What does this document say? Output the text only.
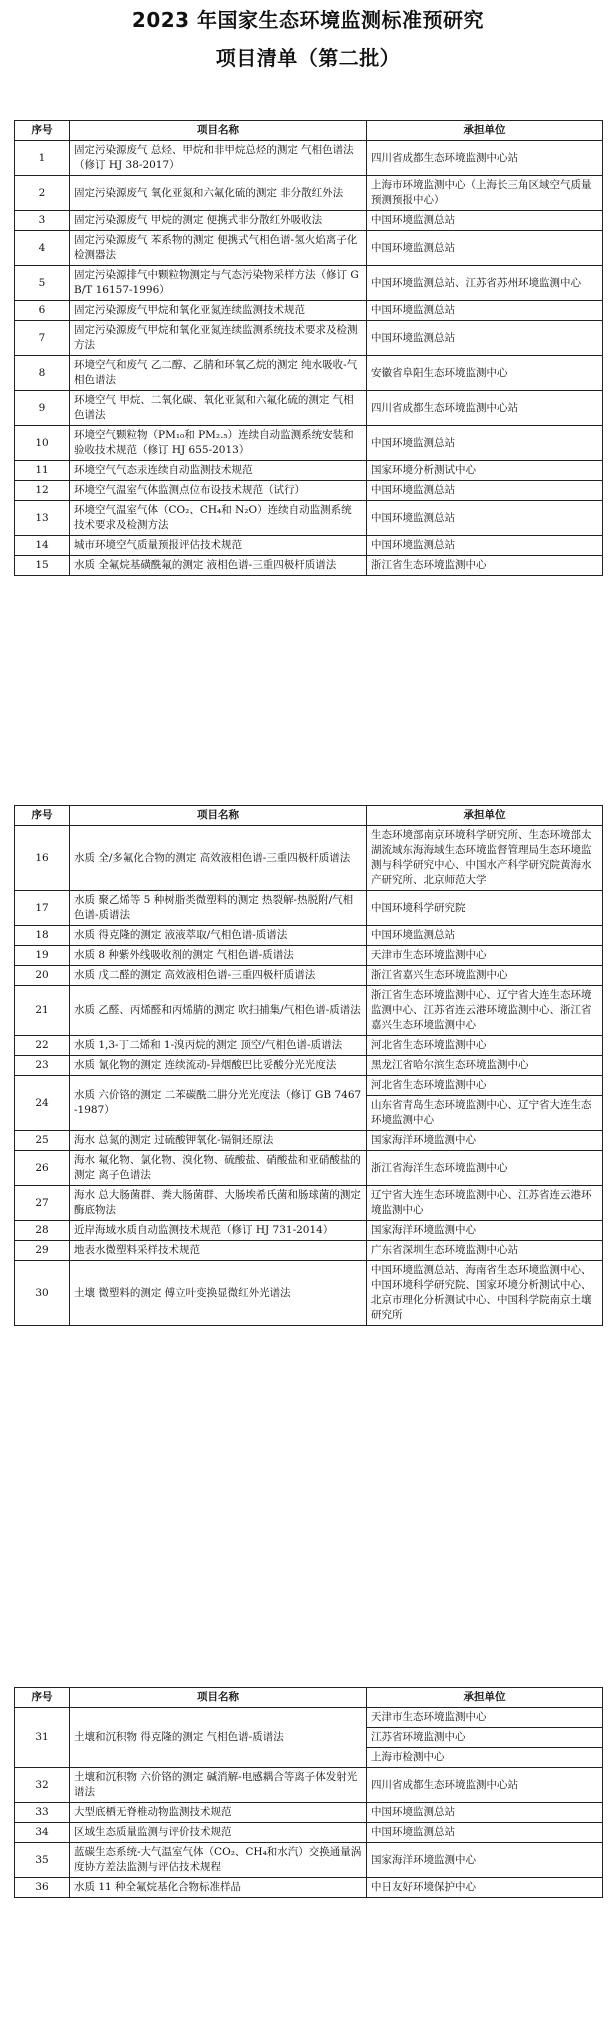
2023 年国家生态环境监测标准预研究
项目清单（第二批）
序号	项目名称	承担单位
1	固定污染源废气 总烃、甲烷和非甲烷总烃的测定 气相色谱法（修订 HJ 38-2017）	四川省成都生态环境监测中心站
2	固定污染源废气 氧化亚氮和六氟化硫的测定 非分散红外法	上海市环境监测中心（上海长三角区域空气质量预测预报中心）
3	固定污染源废气 甲烷的测定 便携式非分散红外吸收法	中国环境监测总站
4	固定污染源废气 苯系物的测定 便携式气相色谱-氢火焰离子化检测器法	中国环境监测总站
5	固定污染源排气中颗粒物测定与气态污染物采样方法（修订 GB/T 16157-1996）	中国环境监测总站、江苏省苏州环境监测中心
6	固定污染源废气甲烷和氧化亚氮连续监测技术规范	中国环境监测总站
7	固定污染源废气甲烷和氧化亚氮连续监测系统技术要求及检测方法	中国环境监测总站
8	环境空气和废气 乙二醇、乙腈和环氧乙烷的测定 纯水吸收-气相色谱法	安徽省阜阳生态环境监测中心
9	环境空气 甲烷、二氧化碳、氧化亚氮和六氟化硫的测定 气相色谱法	四川省成都生态环境监测中心站
10	环境空气颗粒物（PM₁₀和 PM₂.₅）连续自动监测系统安装和验收技术规范（修订 HJ 655-2013）	中国环境监测总站
11	环境空气气态汞连续自动监测技术规范	国家环境分析测试中心
12	环境空气温室气体监测点位布设技术规范（试行）	中国环境监测总站
13	环境空气温室气体（CO₂、CH₄和 N₂O）连续自动监测系统技术要求及检测方法	中国环境监测总站
14	城市环境空气质量预报评估技术规范	中国环境监测总站
15	水质 全氟烷基磺酰氟的测定 液相色谱-三重四极杆质谱法	浙江省生态环境监测中心
序号	项目名称	承担单位
16	水质 全/多氟化合物的测定 高效液相色谱-三重四极杆质谱法	生态环境部南京环境科学研究所、生态环境部太湖流域东海海域生态环境监督管理局生态环境监测与科学研究中心、中国水产科学研究院黄海水产研究所、北京师范大学
17	水质 聚乙烯等 5 种树脂类微塑料的测定 热裂解-热脱附/气相色谱-质谱法	中国环境科学研究院
18	水质 得克隆的测定 液液萃取/气相色谱-质谱法	中国环境监测总站
19	水质 8 种紫外线吸收剂的测定 气相色谱-质谱法	天津市生态环境监测中心
20	水质 戊二醛的测定 高效液相色谱-三重四极杆质谱法	浙江省嘉兴生态环境监测中心
21	水质 乙醛、丙烯醛和丙烯腈的测定 吹扫捕集/气相色谱-质谱法	浙江省生态环境监测中心、辽宁省大连生态环境监测中心、江苏省连云港环境监测中心、浙江省嘉兴生态环境监测中心
22	水质 1,3-丁二烯和 1-溴丙烷的测定 顶空/气相色谱-质谱法	河北省生态环境监测中心
23	水质 氰化物的测定 连续流动-异烟酸巴比妥酸分光光度法	黑龙江省哈尔滨生态环境监测中心
24	水质 六价铬的测定 二苯碳酰二肼分光光度法（修订 GB 7467-1987）	河北省生态环境监测中心
山东省青岛生态环境监测中心、辽宁省大连生态环境监测中心

25	海水 总氮的测定 过硫酸钾氧化-镉铜还原法	国家海洋环境监测中心
26	海水 氟化物、氯化物、溴化物、硫酸盐、硝酸盐和亚硝酸盐的测定 离子色谱法	浙江省海洋生态环境监测中心
27	海水 总大肠菌群、粪大肠菌群、大肠埃希氏菌和肠球菌的测定 酶底物法	辽宁省大连生态环境监测中心、江苏省连云港环境监测中心
28	近岸海域水质自动监测技术规范（修订 HJ 731-2014）	国家海洋环境监测中心
29	地表水微塑料采样技术规范	广东省深圳生态环境监测中心站
30	土壤 微塑料的测定 傅立叶变换显微红外光谱法	中国环境监测总站、海南省生态环境监测中心、中国环境科学研究院、国家环境分析测试中心、北京市理化分析测试中心、中国科学院南京土壤研究所
序号	项目名称	承担单位
31	土壤和沉积物 得克隆的测定 气相色谱-质谱法	天津市生态环境监测中心
江苏省环境监测中心
上海市检测中心

32	土壤和沉积物 六价铬的测定 碱消解-电感耦合等离子体发射光谱法	四川省成都生态环境监测中心站
33	大型底栖无脊椎动物监测技术规范	中国环境监测总站
34	区域生态质量监测与评价技术规范	中国环境监测总站
35	蓝碳生态系统-大气温室气体（CO₂、CH₄和水汽）交换通量涡度协方差法监测与评估技术规程	国家海洋环境监测中心
36	水质 11 种全氟烷基化合物标准样品	中日友好环境保护中心
